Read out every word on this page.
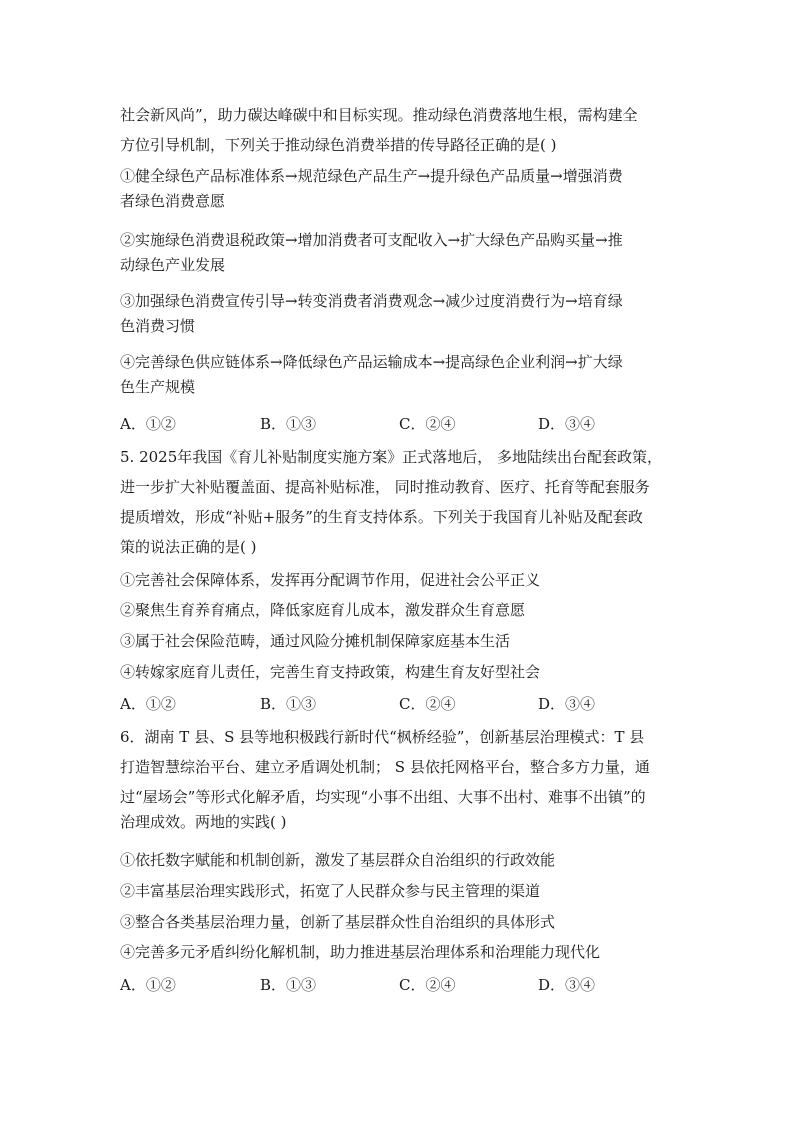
社会新风尚”，助力碳达峰碳中和目标实现。推动绿色消费落地生根，需构建全
方位引导机制，下列关于推动绿色消费举措的传导路径正确的是( )
①健全绿色产品标准体系→规范绿色产品生产→提升绿色产品质量→增强消费
者绿色消费意愿
②实施绿色消费退税政策→增加消费者可支配收入→扩大绿色产品购买量→推
动绿色产业发展
③加强绿色消费宣传引导→转变消费者消费观念→减少过度消费行为→培育绿
色消费习惯
④完善绿色供应链体系→降低绿色产品运输成本→提高绿色企业利润→扩大绿
色生产规模
A．①②	B．①③	C．②④	D．③④
5. 2025年我国《育儿补贴制度实施方案》正式落地后， 多地陆续出台配套政策，
进一步扩大补贴覆盖面、提高补贴标准， 同时推动教育、医疗、托育等配套服务
提质增效，形成“补贴+服务”的生育支持体系。下列关于我国育儿补贴及配套政
策的说法正确的是( )
①完善社会保障体系，发挥再分配调节作用，促进社会公平正义
②聚焦生育养育痛点，降低家庭育儿成本，激发群众生育意愿
③属于社会保险范畴，通过风险分摊机制保障家庭基本生活
④转嫁家庭育儿责任，完善生育支持政策，构建生育友好型社会
A．①②	B．①③	C．②④	D．③④
6．湖南 T 县、S 县等地积极践行新时代“枫桥经验”，创新基层治理模式：T 县
打造智慧综治平台、建立矛盾调处机制； S 县依托网格平台，整合多方力量，通
过“屋场会”等形式化解矛盾，均实现“小事不出组、大事不出村、难事不出镇”的
治理成效。两地的实践( )
①依托数字赋能和机制创新，激发了基层群众自治组织的行政效能
②丰富基层治理实践形式，拓宽了人民群众参与民主管理的渠道
③整合各类基层治理力量，创新了基层群众性自治组织的具体形式
④完善多元矛盾纠纷化解机制，助力推进基层治理体系和治理能力现代化
A．①②	B．①③	C．②④	D．③④
